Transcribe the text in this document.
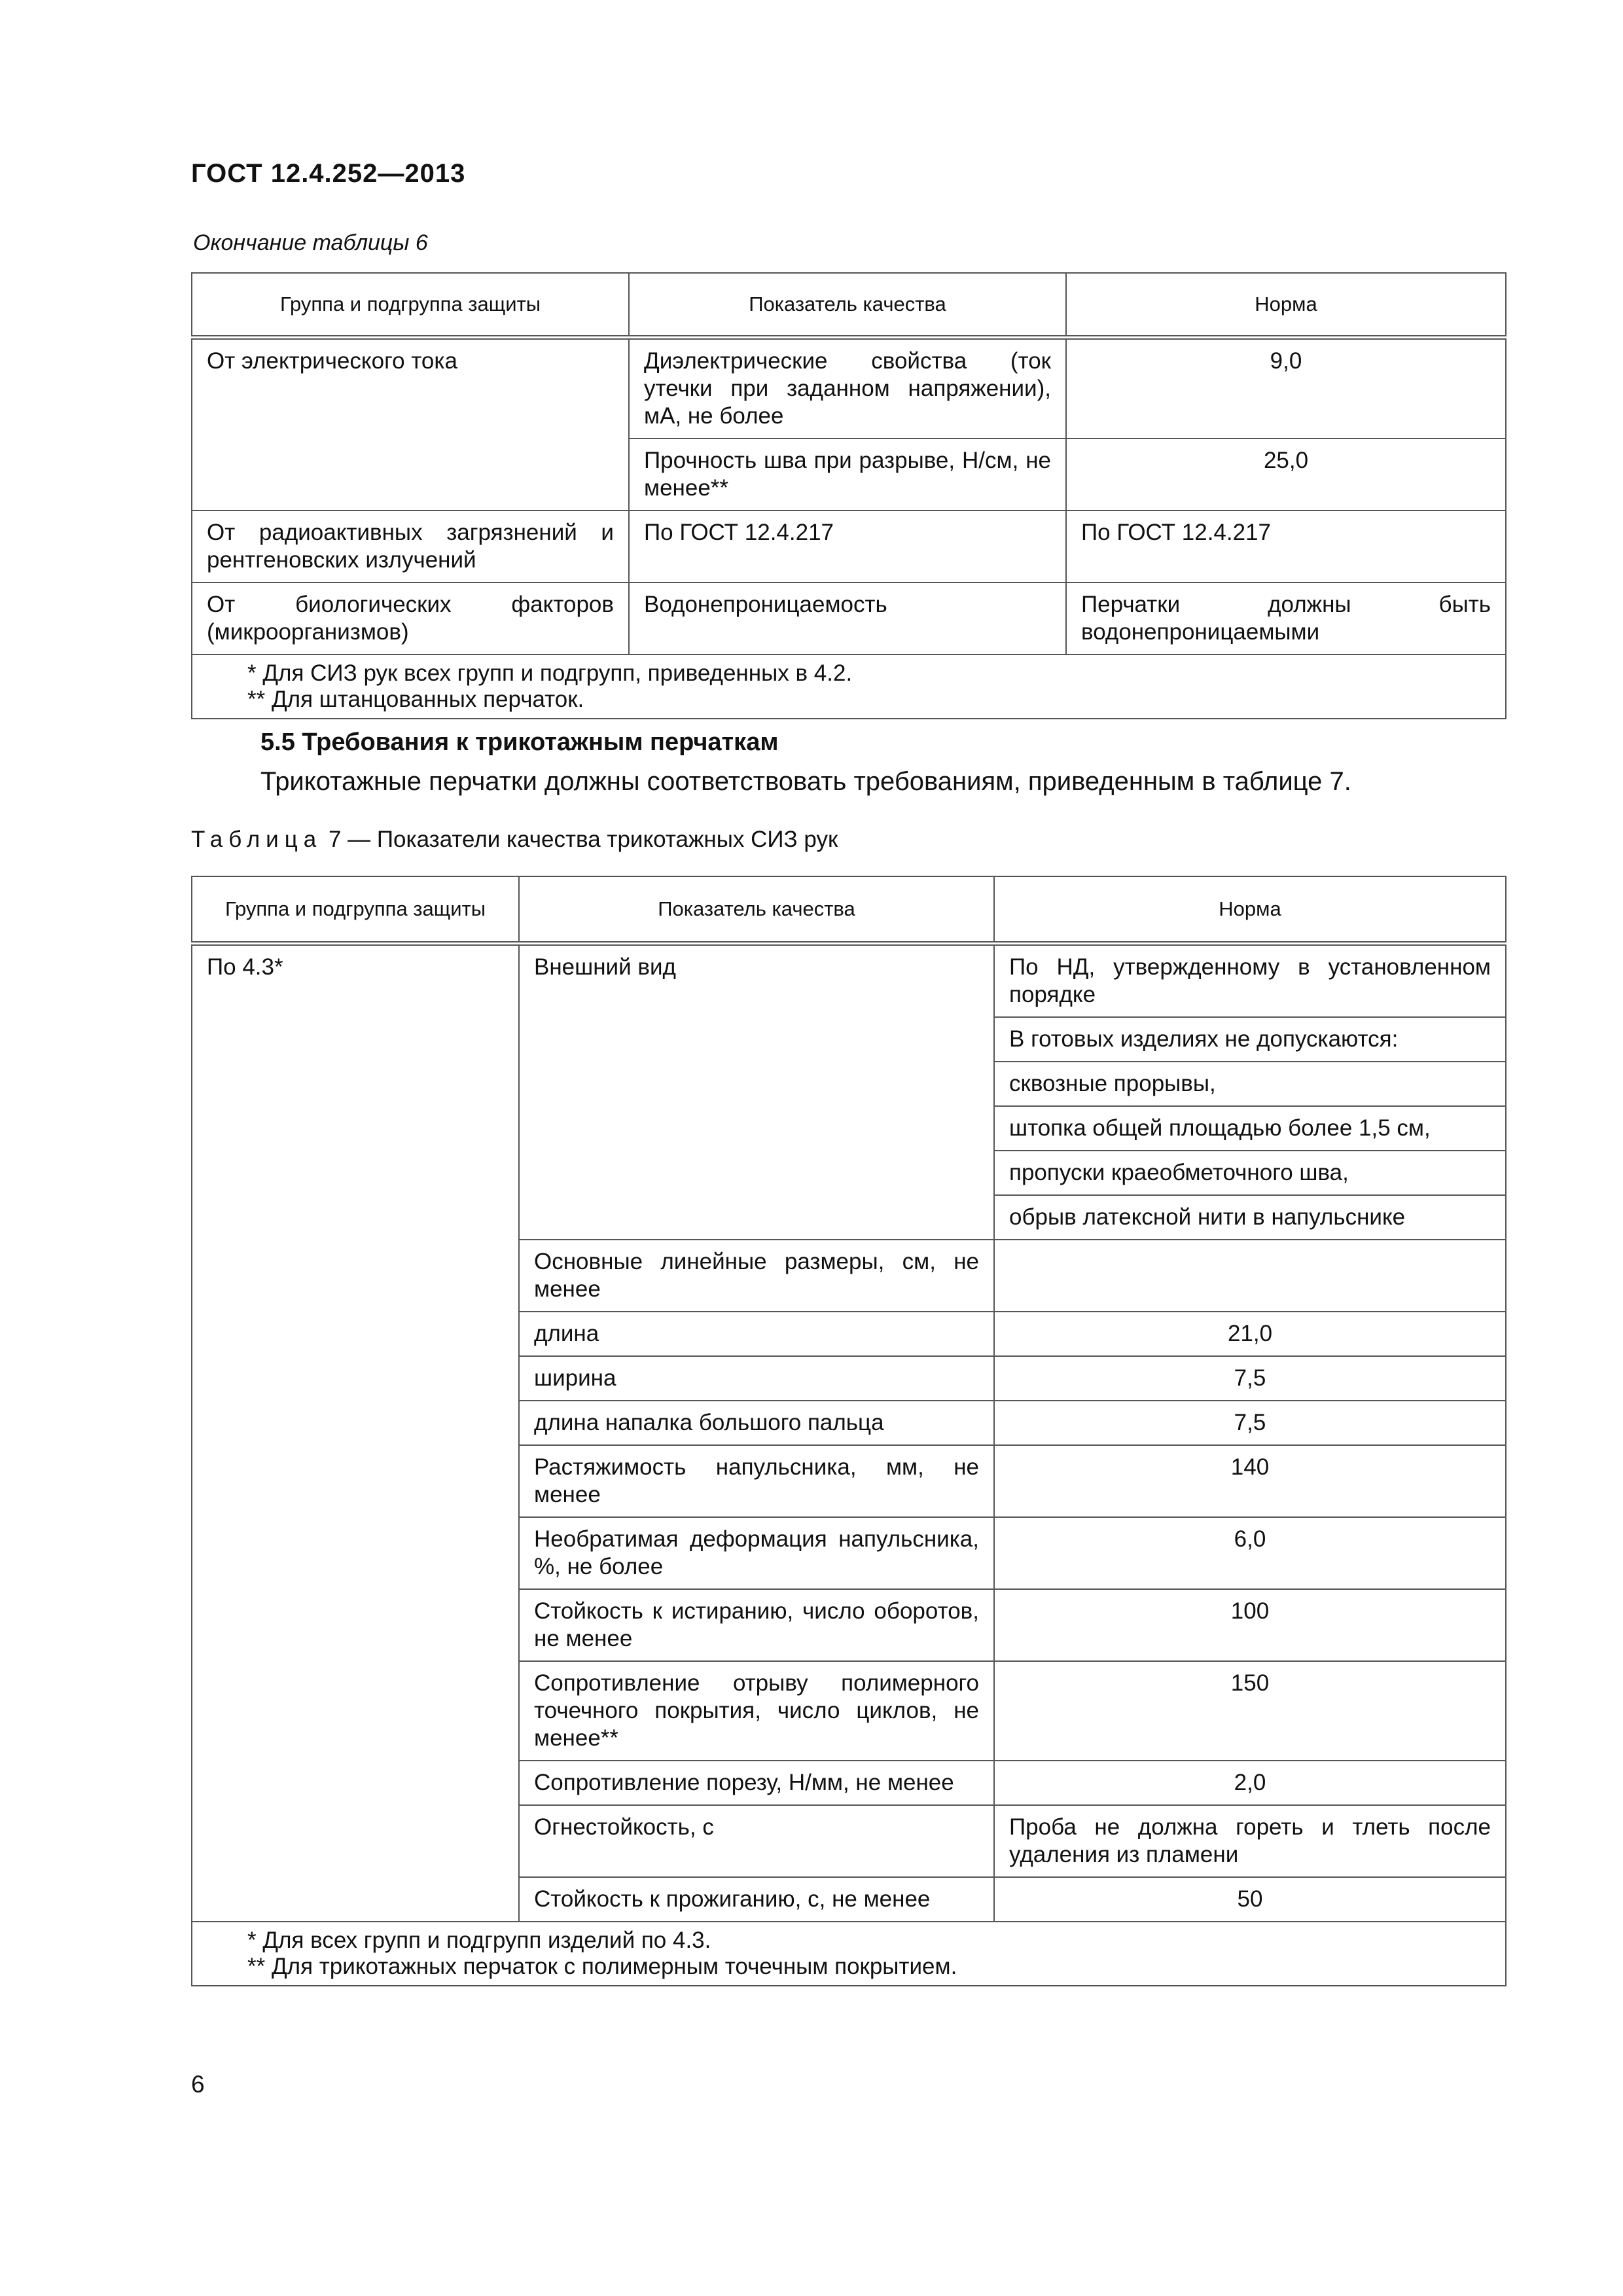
ГОСТ 12.4.252—2013
Окончание таблицы 6
Группа и подгруппа защиты	Показатель качества	Норма
От электрического тока	Диэлектрические свойства (ток утечки при заданном напряжении), мА, не более	9,0
	Прочность шва при разрыве, Н/см, не менее**	25,0
От радиоактивных загрязнений и рентгеновских излучений	По ГОСТ 12.4.217	По ГОСТ 12.4.217
От биологических факторов (микроорганизмов)	Водонепроницаемость	Перчатки должны быть водонепроницаемыми

* Для СИЗ рук всех групп и подгрупп, приведенных в 4.2.
** Для штанцованных перчаток.		
5.5 Требования к трикотажным перчаткам
Трикотажные перчатки должны соответствовать требованиям, приведенным в таблице 7.
Таблица 7 — Показатели качества трикотажных СИЗ рук
Группа и подгруппа защиты	Показатель качества	Норма
По 4.3*	Внешний вид	По НД, утвержденному в установленном порядке
		В готовых изделиях не допускаются:
		сквозные прорывы,
		штопка общей площадью более 1,5 см,
		пропуски краеобметочного шва,
		обрыв латексной нити в напульснике
	Основные линейные размеры, см, не менее	
	длина	21,0
	ширина	7,5
	длина напалка большого пальца	7,5
	Растяжимость напульсника, мм, не менее	140
	Необратимая деформация напульсника, %, не более	6,0
	Стойкость к истиранию, число оборотов, не менее	100
	Сопротивление отрыву полимерного точечного покрытия, число циклов, не менее**	150
	Сопротивление порезу, Н/мм, не менее	2,0
	Огнестойкость, с	Проба не должна гореть и тлеть после удаления из пламени
	Стойкость к прожиганию, с, не менее	50

* Для всех групп и подгрупп изделий по 4.3.
** Для трикотажных перчаток с полимерным точечным покрытием.		
6
